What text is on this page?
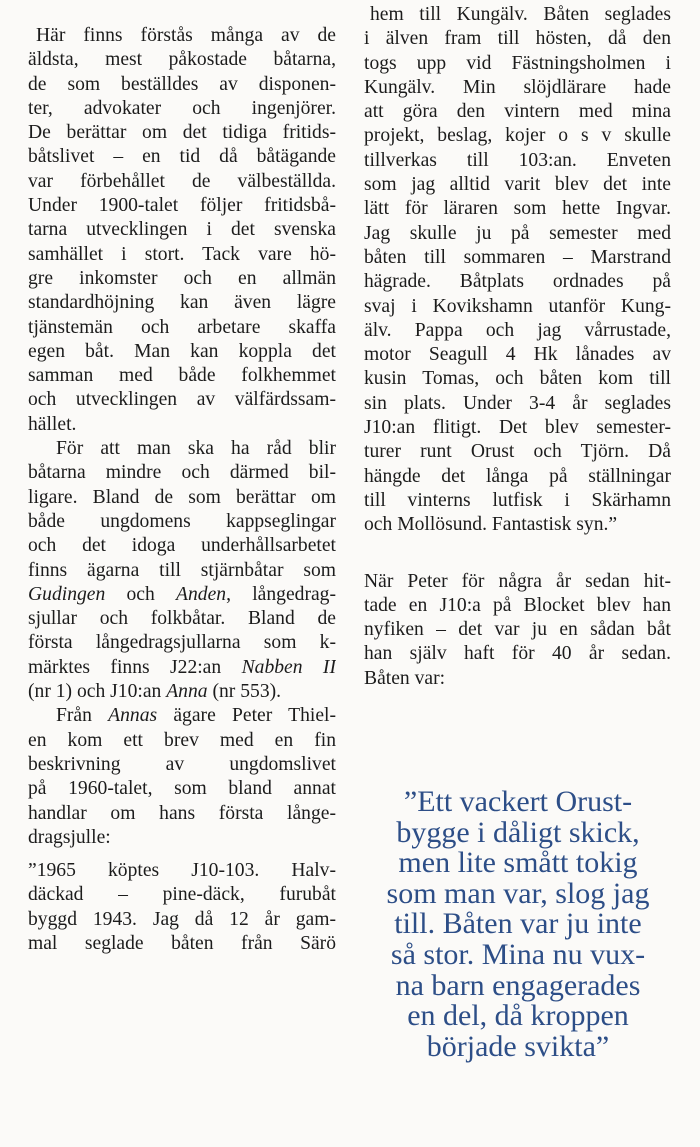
Här finns förstås många av de
äldsta, mest påkostade båtarna,
de som beställdes av disponen-
ter, advokater och ingenjörer.
De berättar om det tidiga fritids-
båtslivet – en tid då båtägande
var förbehållet de välbeställda.
Under 1900-talet följer fritidsbå-
tarna utvecklingen i det svenska
samhället i stort. Tack vare hö-
gre inkomster och en allmän
standardhöjning kan även lägre
tjänstemän och arbetare skaffa
egen båt. Man kan koppla det
samman med både folkhemmet
och utvecklingen av välfärdssam-
hället.
För att man ska ha råd blir
båtarna mindre och därmed bil-
ligare. Bland de som berättar om
både ungdomens kappseglingar
och det idoga underhållsarbetet
finns ägarna till stjärnbåtar som
Gudingen och Anden, långedrag-
sjullar och folkbåtar. Bland de
första långedragsjullarna som k-
märktes finns J22:an Nabben II
(nr 1) och J10:an Anna (nr 553).
Från Annas ägare Peter Thiel-
en kom ett brev med en fin
beskrivning av ungdomslivet
på 1960-talet, som bland annat
handlar om hans första långe-
dragsjulle:
”1965 köptes J10-103. Halv-
däckad – pine-däck, furubåt
byggd 1943. Jag då 12 år gam-
mal seglade båten från Särö
hem till Kungälv. Båten seglades
i älven fram till hösten, då den
togs upp vid Fästningsholmen i
Kungälv. Min slöjdlärare hade
att göra den vintern med mina
projekt, beslag, kojer o s v skulle
tillverkas till 103:an. Enveten
som jag alltid varit blev det inte
lätt för läraren som hette Ingvar.
Jag skulle ju på semester med
båten till sommaren – Marstrand
hägrade. Båtplats ordnades på
svaj i Kovikshamn utanför Kung-
älv. Pappa och jag vårrustade,
motor Seagull 4 Hk lånades av
kusin Tomas, och båten kom till
sin plats. Under 3-4 år seglades
J10:an flitigt. Det blev semester-
turer runt Orust och Tjörn. Då
hängde det långa på ställningar
till vinterns lutfisk i Skärhamn
och Mollösund. Fantastisk syn.”
När Peter för några år sedan hit-
tade en J10:a på Blocket blev han
nyfiken – det var ju en sådan båt
han själv haft för 40 år sedan.
Båten var:
”Ett vackert Orust-
bygge i dåligt skick,
men lite smått tokig
som man var, slog jag
till. Båten var ju inte
så stor. Mina nu vux-
na barn engagerades
en del, då kroppen
började svikta”
